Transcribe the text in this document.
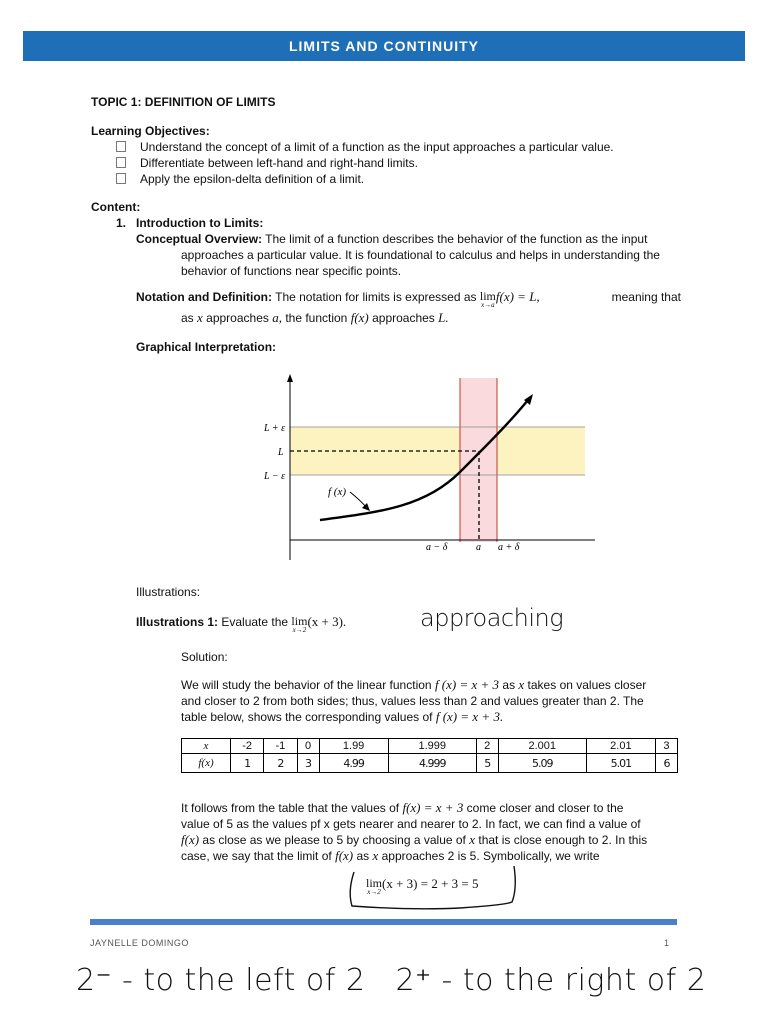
LIMITS AND CONTINUITY
TOPIC 1: DEFINITION OF LIMITS
Learning Objectives:
Understand the concept of a limit of a function as the input approaches a particular value.
Differentiate between left-hand and right-hand limits.
Apply the epsilon-delta definition of a limit.
Content:
1. Introduction to Limits:
Conceptual Overview: The limit of a function describes the behavior of the function as the input
approaches a particular value. It is foundational to calculus and helps in understanding the
behavior of functions near specific points.
Notation and Definition: The notation for limits is expressed as lim
x→a
f(x) = L,	meaning that
as x approaches a, the function f(x) approaches L.
Graphical Interpretation:
L + ε
L
L − ε
a − δ	a a + δ
f (x)
Illustrations:
Illustrations 1: Evaluate the lim
x→2
(x + 3).	approaching
Solution:
We will study the behavior of the linear function f (x) = x + 3 as x takes on values closer
and closer to 2 from both sides; thus, values less than 2 and values greater than 2. The
table below, shows the corresponding values of f (x) = x + 3.
x	-2	-1	0	1.99	1.999	2	2.001	2.01	3
f(x)	1	2	3	4.99	4.999	5	5.09	5.01	6
It follows from the table that the values of f(x) = x + 3 come closer and closer to the
value of 5 as the values pf x gets nearer and nearer to 2. In fact, we can find a value of
f(x) as close as we please to 5 by choosing a value of x that is close enough to 2. In this
case, we say that the limit of f(x) as x approaches 2 is 5. Symbolically, we write
lim
x→2
(x + 3) = 2 + 3 = 5
JAYNELLE DOMINGO	1
2⁻ - to the left of 2   2⁺ - to the right of 2
